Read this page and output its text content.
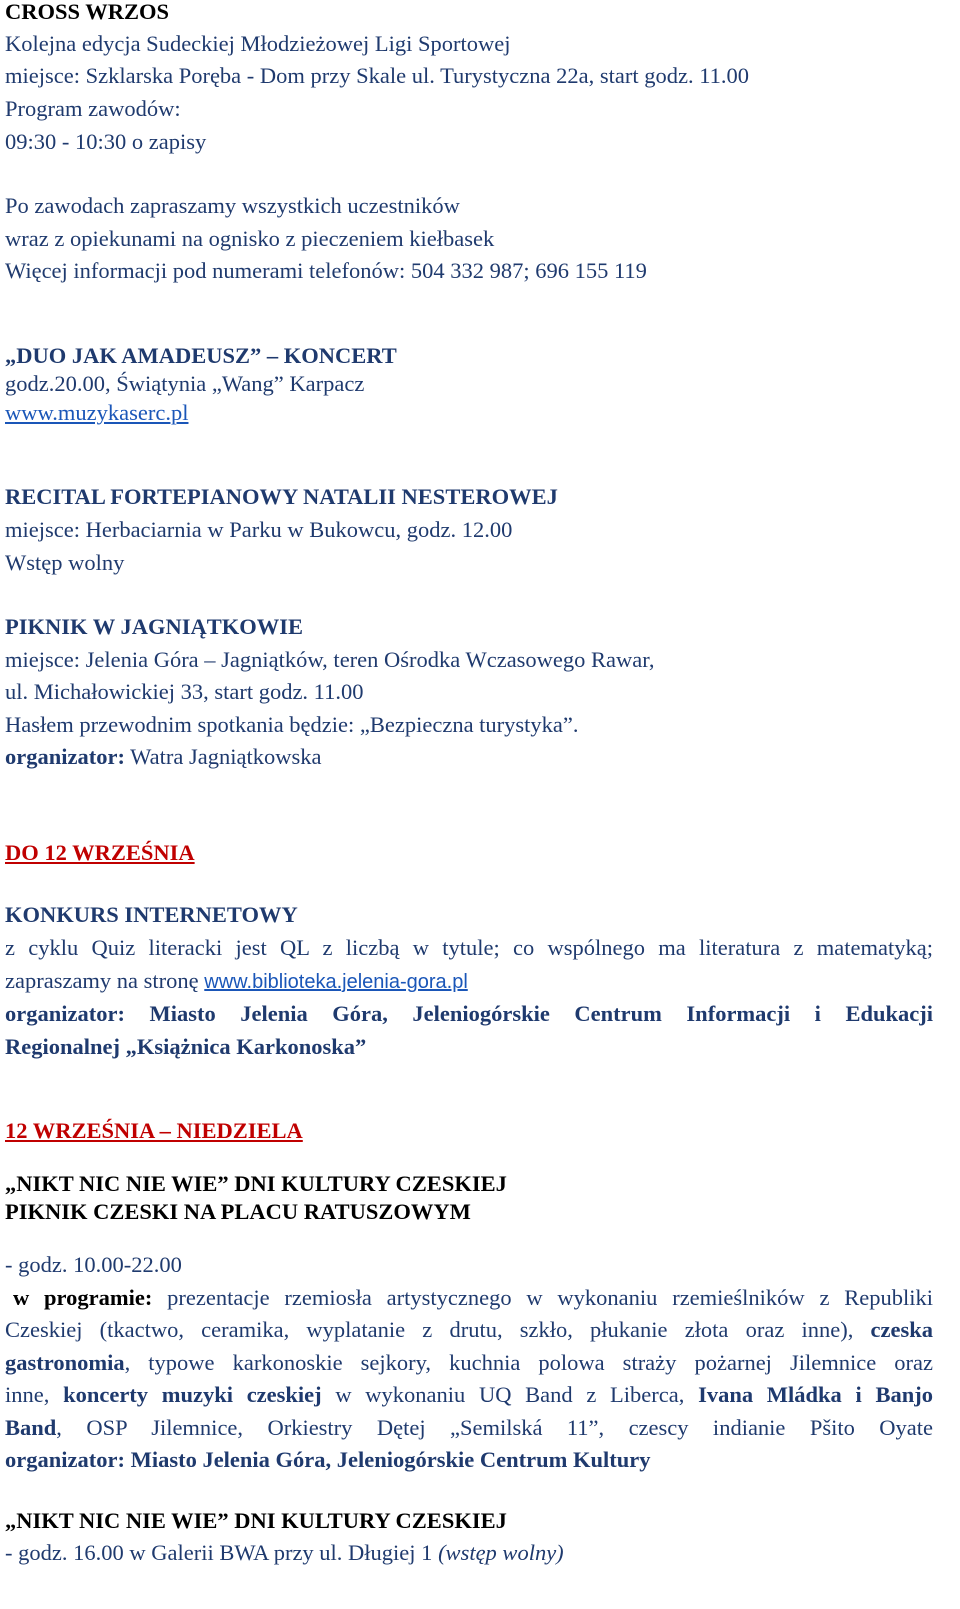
CROSS WRZOS
Kolejna edycja Sudeckiej Młodzieżowej Ligi Sportowej
miejsce: Szklarska Poręba - Dom przy Skale ul. Turystyczna 22a, start godz. 11.00
Program zawodów:
09:30 - 10:30 o zapisy
Po zawodach zapraszamy wszystkich uczestników
wraz z opiekunami na ognisko z pieczeniem kiełbasek
Więcej informacji pod numerami telefonów: 504 332 987; 696 155 119
„DUO JAK AMADEUSZ” – KONCERT
godz.20.00, Świątynia „Wang” Karpacz
www.muzykaserc.pl
RECITAL FORTEPIANOWY NATALII NESTEROWEJ
miejsce: Herbaciarnia w Parku w Bukowcu, godz. 12.00
Wstęp wolny
PIKNIK W JAGNIĄTKOWIE
miejsce: Jelenia Góra – Jagniątków, teren Ośrodka Wczasowego Rawar,
ul. Michałowickiej 33, start godz. 11.00
Hasłem przewodnim spotkania będzie: „Bezpieczna turystyka”.
organizator: Watra Jagniątkowska
DO 12 WRZEŚNIA
KONKURS INTERNETOWY
z cyklu Quiz literacki jest QL z liczbą w tytule; co wspólnego ma literatura z matematyką;
zapraszamy na stronę www.biblioteka.jelenia-gora.pl
organizator: Miasto Jelenia Góra, Jeleniogórskie Centrum Informacji i Edukacji
Regionalnej „Książnica Karkonoska”
12 WRZEŚNIA – NIEDZIELA
„NIKT NIC NIE WIE” DNI KULTURY CZESKIEJ
PIKNIK CZESKI NA PLACU RATUSZOWYM
- godz. 10.00-22.00
w programie: prezentacje rzemiosła artystycznego w wykonaniu rzemieślników z Republiki
Czeskiej (tkactwo, ceramika, wyplatanie z drutu, szkło, płukanie złota oraz inne), czeska
gastronomia, typowe karkonoskie sejkory, kuchnia polowa straży pożarnej Jilemnice oraz
inne, koncerty muzyki czeskiej w wykonaniu UQ Band z Liberca, Ivana Mládka i Banjo
Band, OSP Jilemnice, Orkiestry Dętej „Semilská 11”, czescy indianie Pšito Oyate
organizator: Miasto Jelenia Góra, Jeleniogórskie Centrum Kultury
„NIKT NIC NIE WIE” DNI KULTURY CZESKIEJ
- godz. 16.00 w Galerii BWA przy ul. Długiej 1 (wstęp wolny)
